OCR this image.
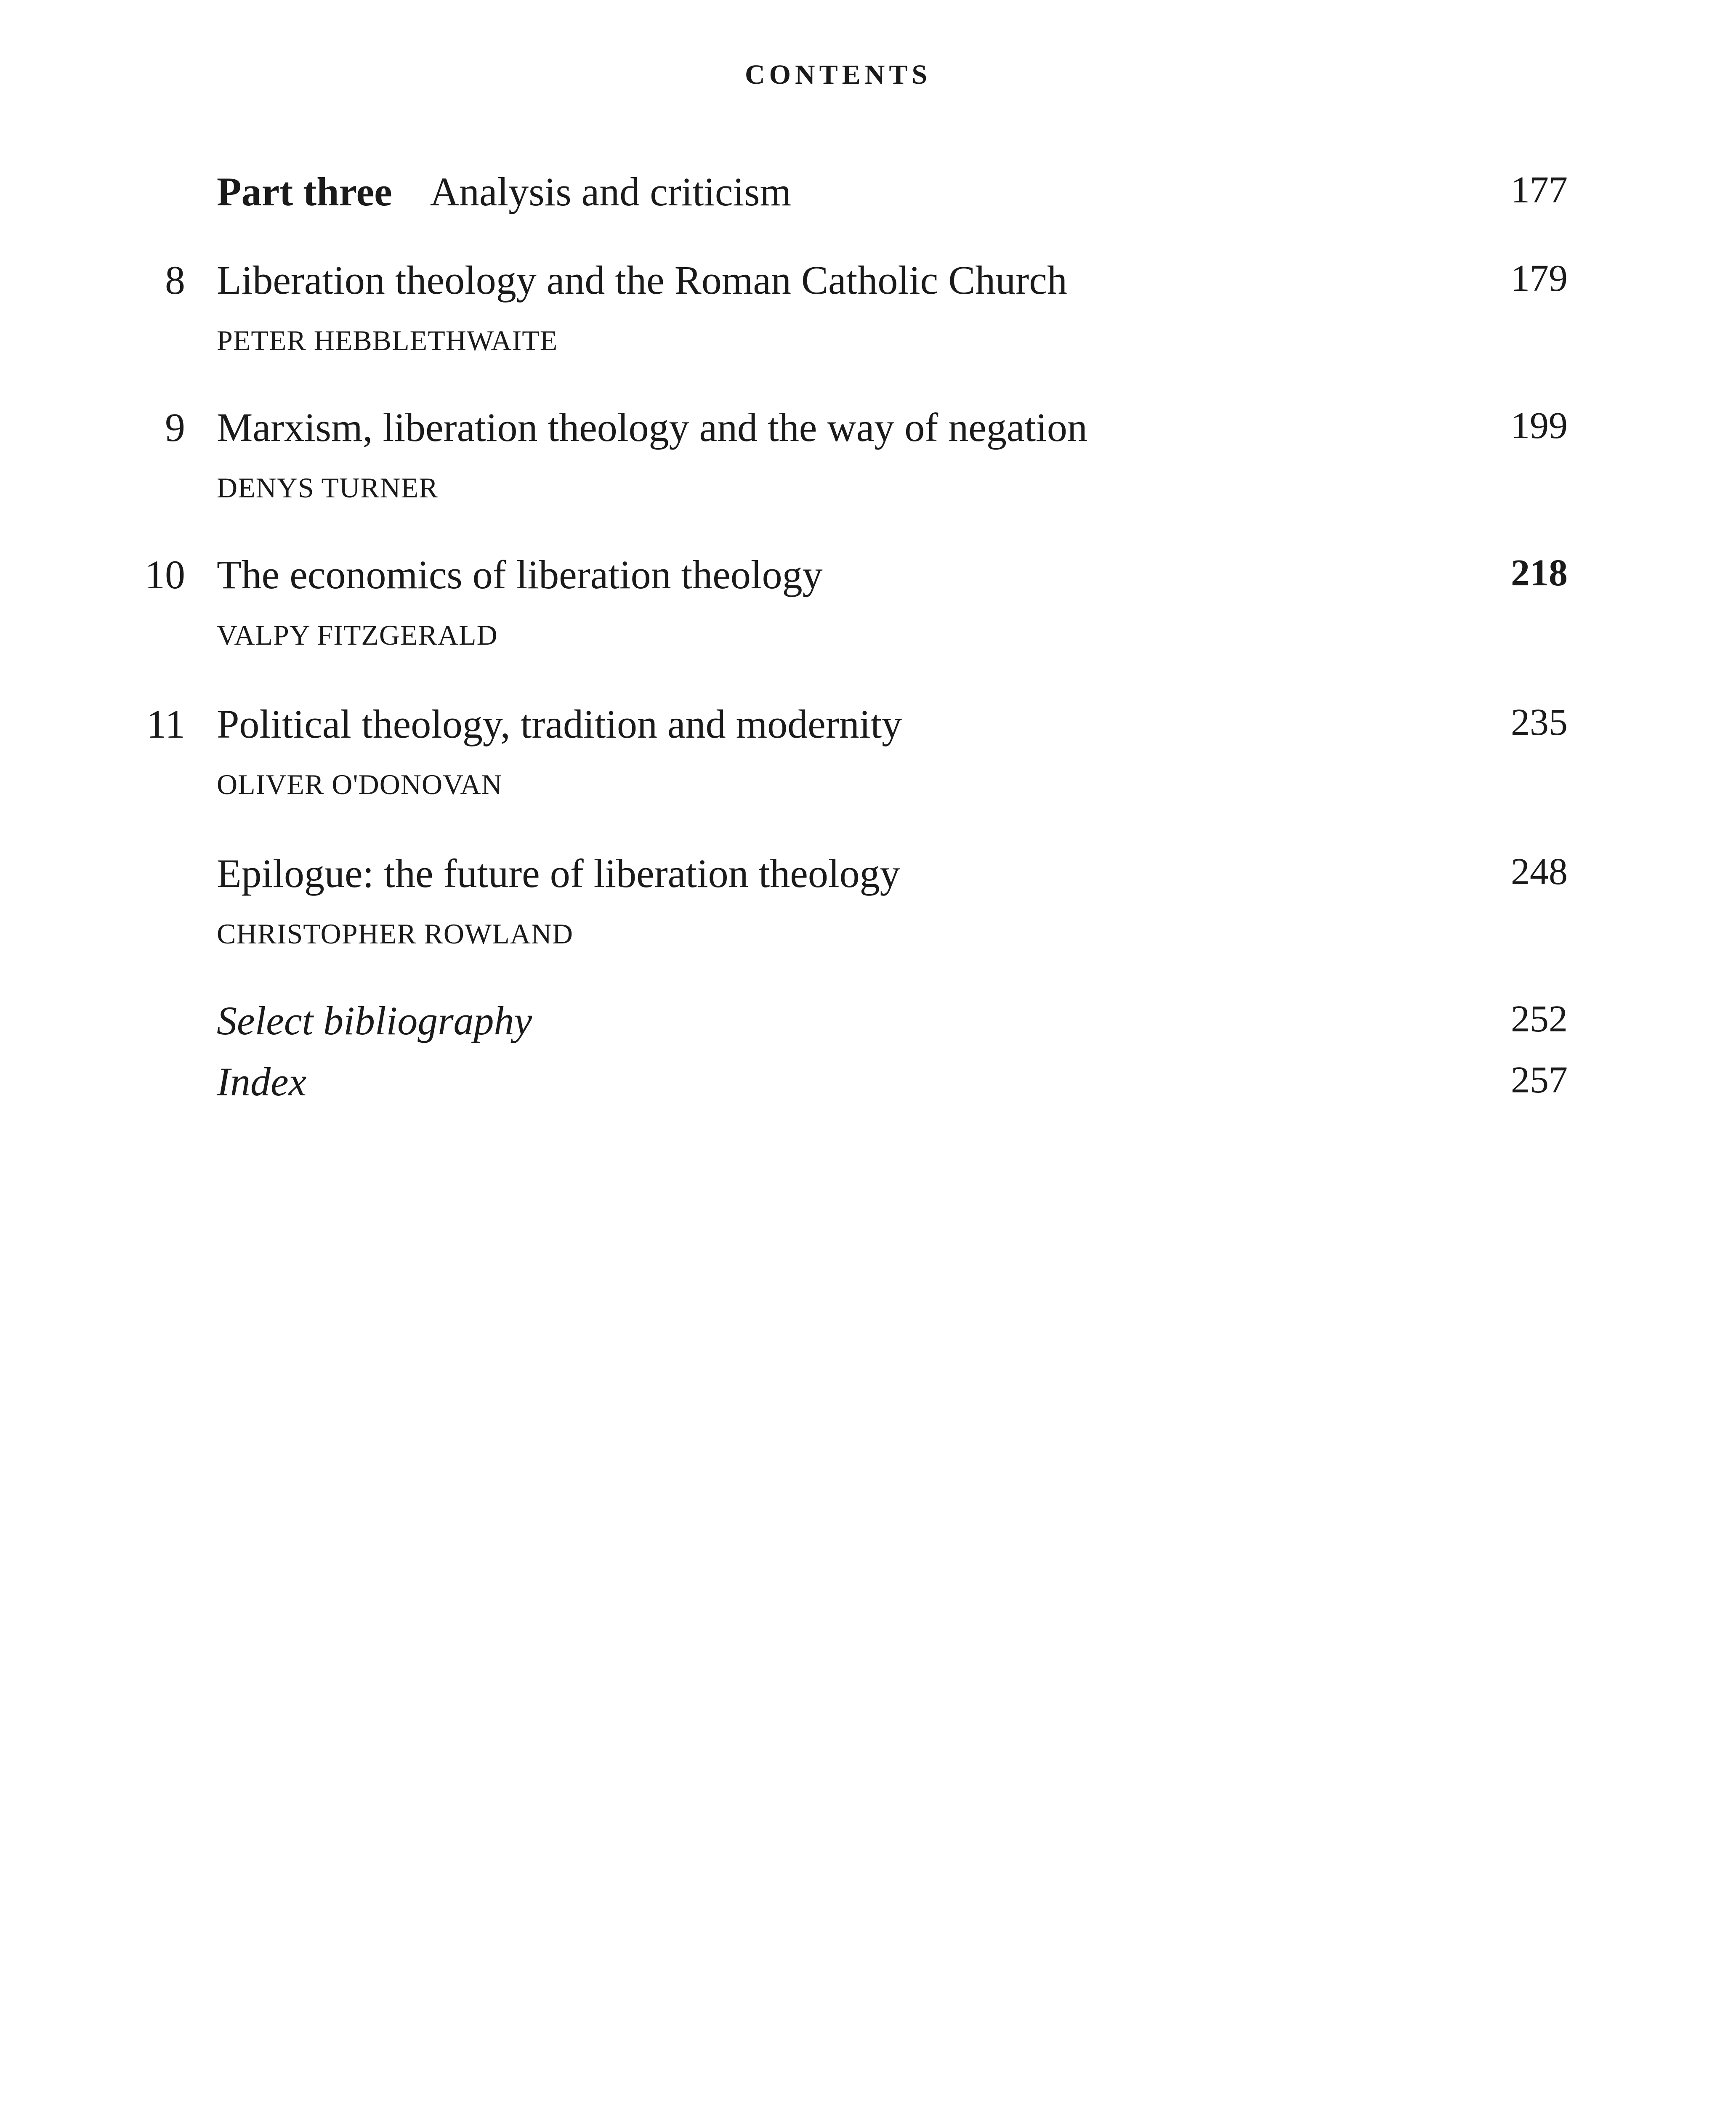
CONTENTS
Part three Analysis and criticism	177
8 Liberation theology and the Roman Catholic Church	179
PETER HEBBLETHWAITE
9 Marxism, liberation theology and the way of negation	199
DENYS TURNER
10 The economics of liberation theology	218
VALPY FITZGERALD
11 Political theology, tradition and modernity	235
OLIVER O'DONOVAN
Epilogue: the future of liberation theology	248
CHRISTOPHER ROWLAND
Select bibliography	252
Index	257
